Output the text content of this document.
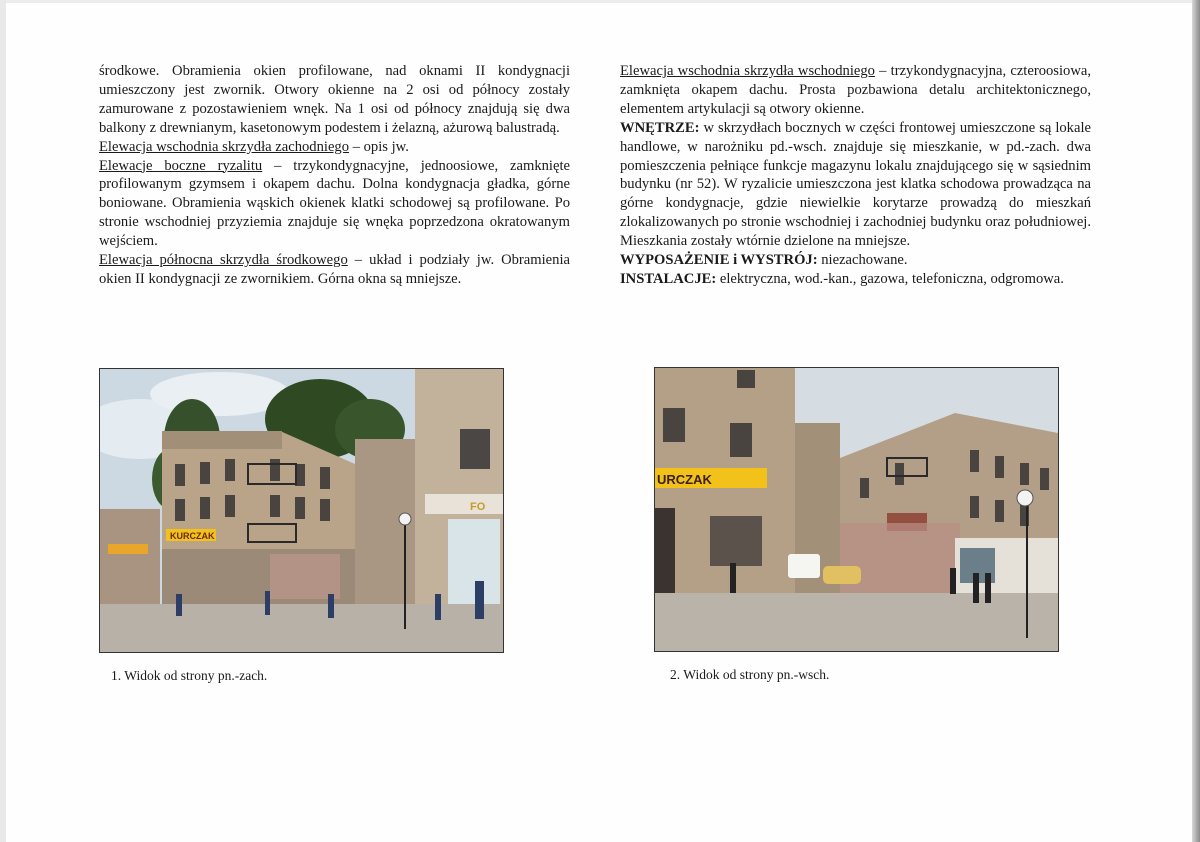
środkowe. Obramienia okien profilowane, nad oknami II kondygnacji umieszczony jest zwornik. Otwory okienne na 2 osi od północy zostały zamurowane z pozostawieniem wnęk. Na 1 osi od północy znajdują się dwa balkony z drewnianym, kasetonowym podestem i żelazną, ażurową balustradą.

Elewacja wschodnia skrzydła zachodniego – opis jw.

Elewacje boczne ryzalitu – trzykondygnacyjne, jednoosiowe, zamknięte profilowanym gzymsem i okapem dachu. Dolna kondygnacja gładka, górne boniowane. Obramienia wąskich okienek klatki schodowej są profilowane. Po stronie wschodniej przyziemia znajduje się wnęka poprzedzona okratowanym wejściem.

Elewacja północna skrzydła środkowego – układ i podziały jw. Obramienia okien II kondygnacji ze zwornikiem. Górna okna są mniejsze.

Elewacja wschodnia skrzydła wschodniego – trzykondygnacyjna, czteroosiowa, zamknięta okapem dachu. Prosta pozbawiona detalu architektonicznego, elementem artykulacji są otwory okienne.

WNĘTRZE: w skrzydłach bocznych w części frontowej umieszczone są lokale handlowe, w narożniku pd.-wsch. znajduje się mieszkanie, w pd.-zach. dwa pomieszczenia pełniące funkcje magazynu lokalu znajdującego się w sąsiednim budynku (nr 52). W ryzalicie umieszczona jest klatka schodowa prowadząca na górne kondygnacje, gdzie niewielkie korytarze prowadzą do mieszkań zlokalizowanych po stronie wschodniej i zachodniej budynku oraz południowej. Mieszkania zostały wtórnie dzielone na mniejsze.

WYPOSAŻENIE i WYSTRÓJ: niezachowane.

INSTALACJE: elektryczna, wod.-kan., gazowa, telefoniczna, odgromowa.

KURCZAK
FO
1. Widok od strony pn.-zach.
URCZAK
2. Widok od strony pn.-wsch.
